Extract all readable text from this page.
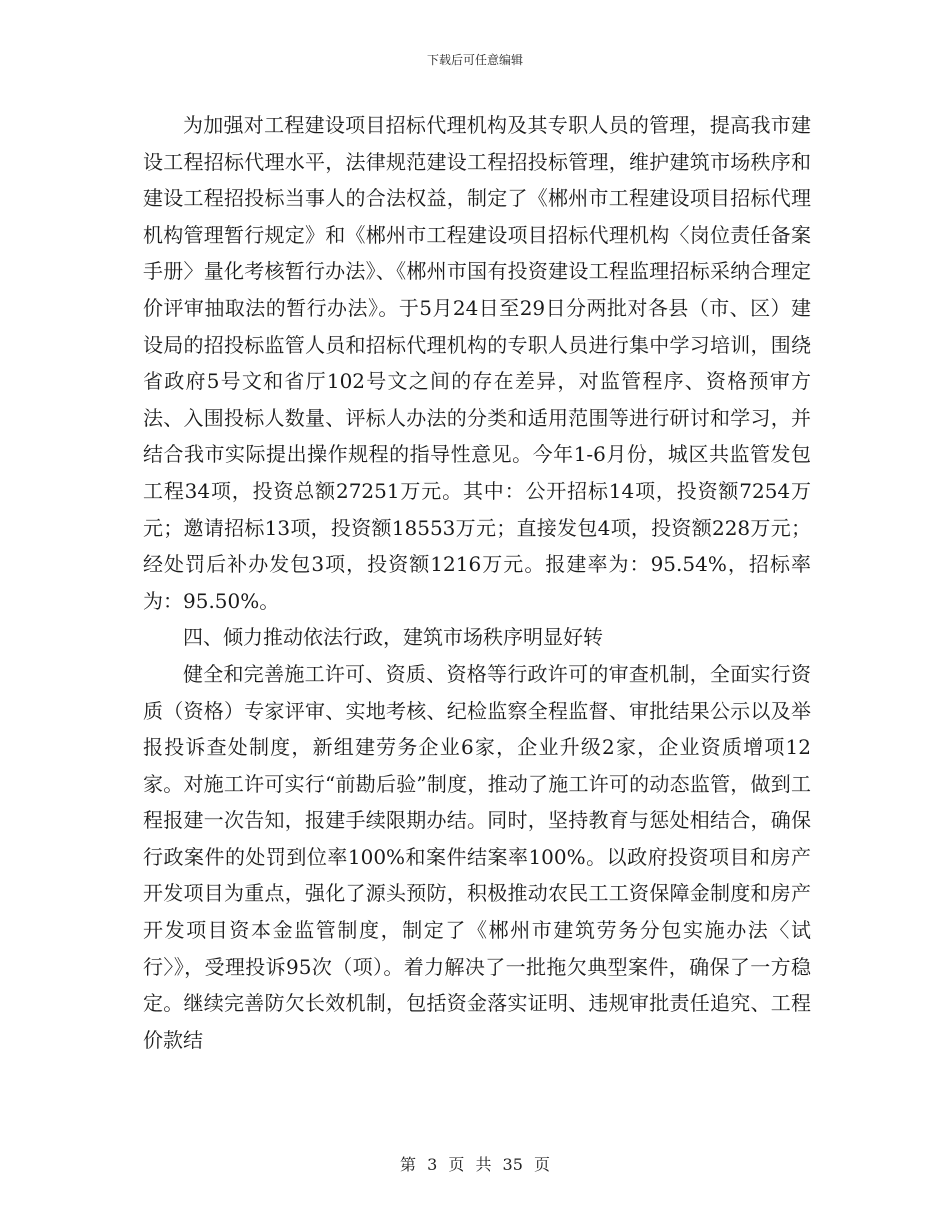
下载后可任意编辑

为加强对工程建设项目招标代理机构及其专职人员的管理，提高我市建设工程招标代理水平，法律规范建设工程招投标管理，维护建筑市场秩序和建设工程招投标当事人的合法权益，制定了《郴州市工程建设项目招标代理机构管理暂行规定》和《郴州市工程建设项目招标代理机构〈岗位责任备案手册〉量化考核暂行办法》、《郴州市国有投资建设工程监理招标采纳合理定价评审抽取法的暂行办法》。于5月24日至29日分两批对各县（市、区）建设局的招投标监管人员和招标代理机构的专职人员进行集中学习培训，围绕省政府5号文和省厅102号文之间的存在差异，对监管程序、资格预审方法、入围投标人数量、评标人办法的分类和适用范围等进行研讨和学习，并结合我市实际提出操作规程的指导性意见。今年1-6月份，城区共监管发包工程34项，投资总额27251万元。其中：公开招标14项，投资额7254万元；邀请招标13项，投资额18553万元；直接发包4项，投资额228万元；经处罚后补办发包3项，投资额1216万元。报建率为：95.54%，招标率为：95.50%。

四、倾力推动依法行政，建筑市场秩序明显好转

健全和完善施工许可、资质、资格等行政许可的审查机制，全面实行资质（资格）专家评审、实地考核、纪检监察全程监督、审批结果公示以及举报投诉查处制度，新组建劳务企业6家，企业升级2家，企业资质增项12家。对施工许可实行“前勘后验”制度，推动了施工许可的动态监管，做到工程报建一次告知，报建手续限期办结。同时，坚持教育与惩处相结合，确保行政案件的处罚到位率100%和案件结案率100%。以政府投资项目和房产开发项目为重点，强化了源头预防，积极推动农民工工资保障金制度和房产开发项目资本金监管制度，制定了《郴州市建筑劳务分包实施办法〈试行〉》，受理投诉95次（项）。着力解决了一批拖欠典型案件，确保了一方稳定。继续完善防欠长效机制，包括资金落实证明、违规审批责任追究、工程价款结

第 3 页 共 35 页
